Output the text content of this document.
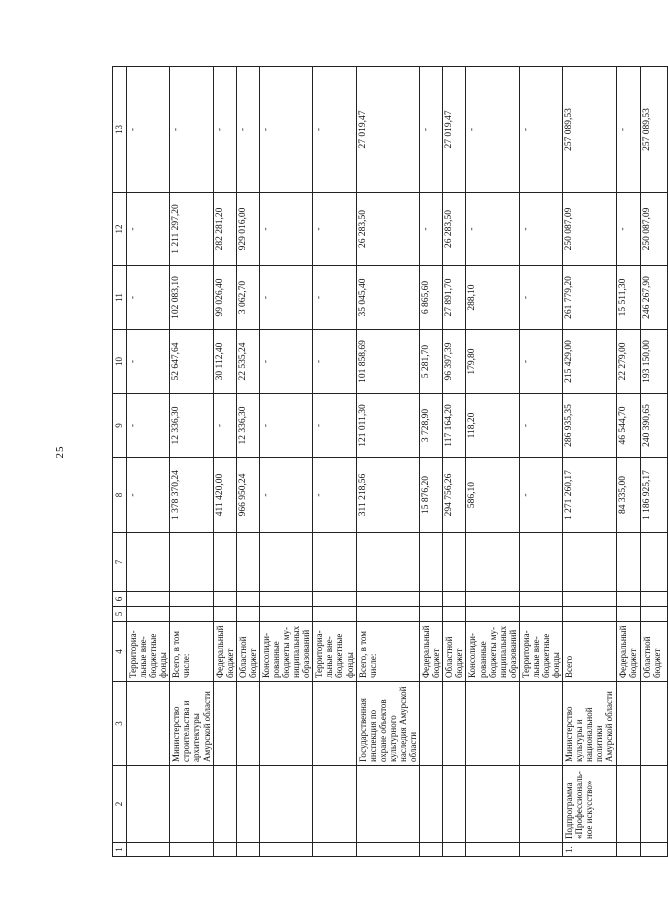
25
1	2	3	4	5	6	7	8	9	10	11	12	13
			Территориа-льные вне-бюджетные фонды				-	-	-	-	-	-
		Министерство строительства и архитектуры Амурской области	Всего, в том числе:				1 378 370,24	12 336,30	52 647,64	102 083,10	1 211 297,20	-
			Федеральный бюджет				411 420,00	-	30 112,40	99 026,40	282 281,20	-
			Областной бюджет				966 950,24	12 336,30	22 535,24	3 062,70	929 016,00	-
			Консолиди-рованные бюджеты му-ниципальных образований				-	-	-	-	-	-
			Территориа-льные вне-бюджетные фонды				-	-	-	-	-	-
		Государственная инспекция по охране объектов культурного наследия Амурской области	Всего, в том числе:				311 218,56	121 011,30	101 858,69	35 045,40	26 283,50	27 019,47
			Федеральный бюджет				15 876,20	3 728,90	5 281,70	6 865,60	-	-
			Областной бюджет				294 756,26	117 164,20	96 397,39	27 891,70	26 283,50	27 019,47
			Консолиди-рованные бюджеты му-ниципальных образований				586,10	118,20	179,80	288,10	-	-
			Территориа-льные вне-бюджетные фонды				-	-	-	-	-	-
1.	Подпрограмма «Профессиональ-ное искусство»	Министерство культуры и национальной политики Амурской области	Всего				1 271 260,17	286 935,35	215 429,00	261 779,20	250 087,09	257 089,53
			Федеральный бюджет				84 335,00	46 544,70	22 279,00	15 511,30	-	-
			Областной бюджет				1 186 925,17	240 390,65	193 150,00	246 267,90	250 087,09	257 089,53
